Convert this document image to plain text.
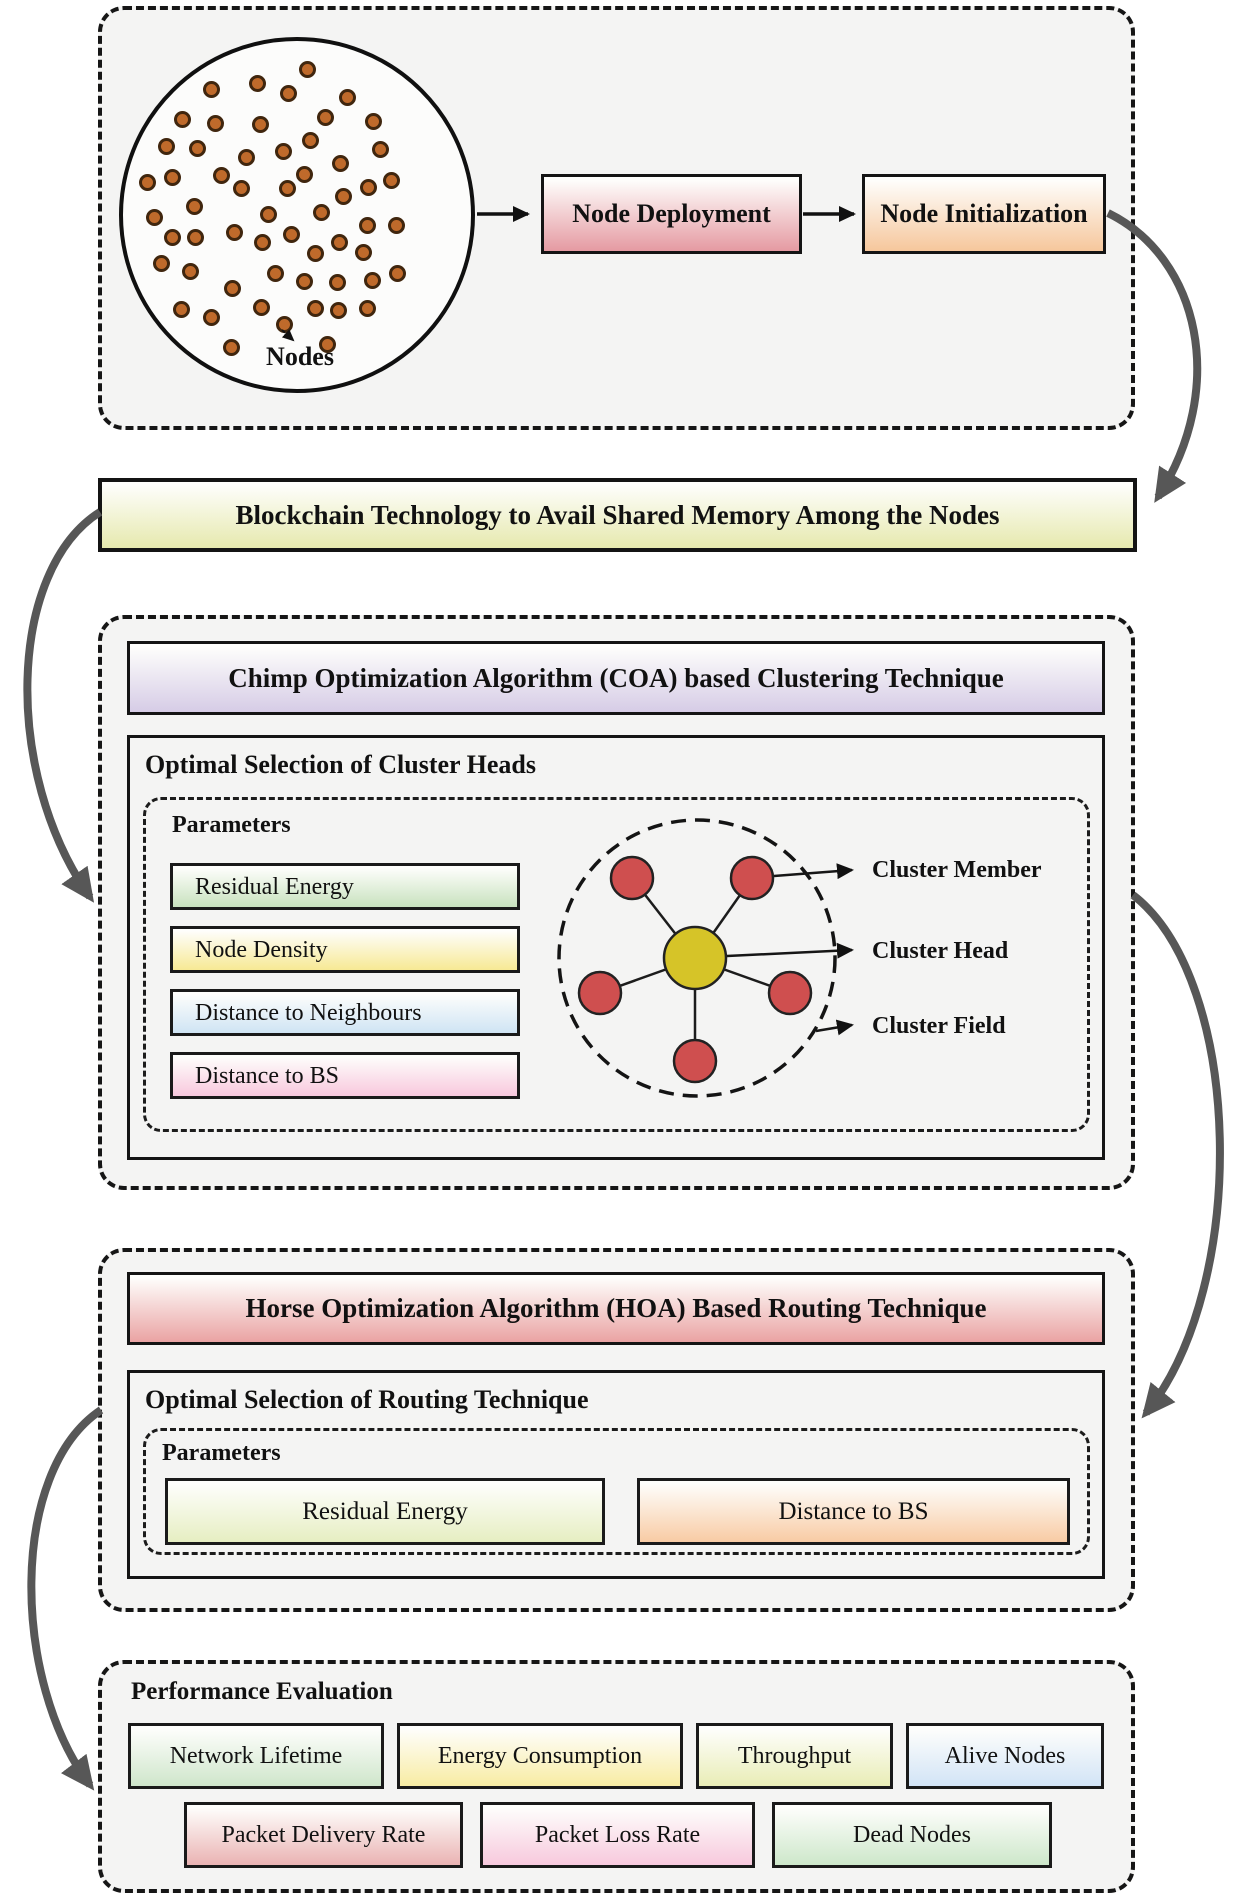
Nodes
Node Deployment	Node Initialization
Blockchain Technology to Avail Shared Memory Among the Nodes
Chimp Optimization Algorithm (COA) based Clustering Technique
Optimal Selection of Cluster Heads
Parameters
Residual Energy
Node Density
Distance to Neighbours
Distance to BS
Cluster Member
Cluster Head
Cluster Field
Horse Optimization Algorithm (HOA) Based Routing Technique
Optimal Selection of Routing Technique
Parameters
Residual Energy	Distance to BS
Performance Evaluation
Network Lifetime	Energy Consumption	Throughput	Alive Nodes
Packet Delivery Rate	Packet Loss Rate	Dead Nodes
